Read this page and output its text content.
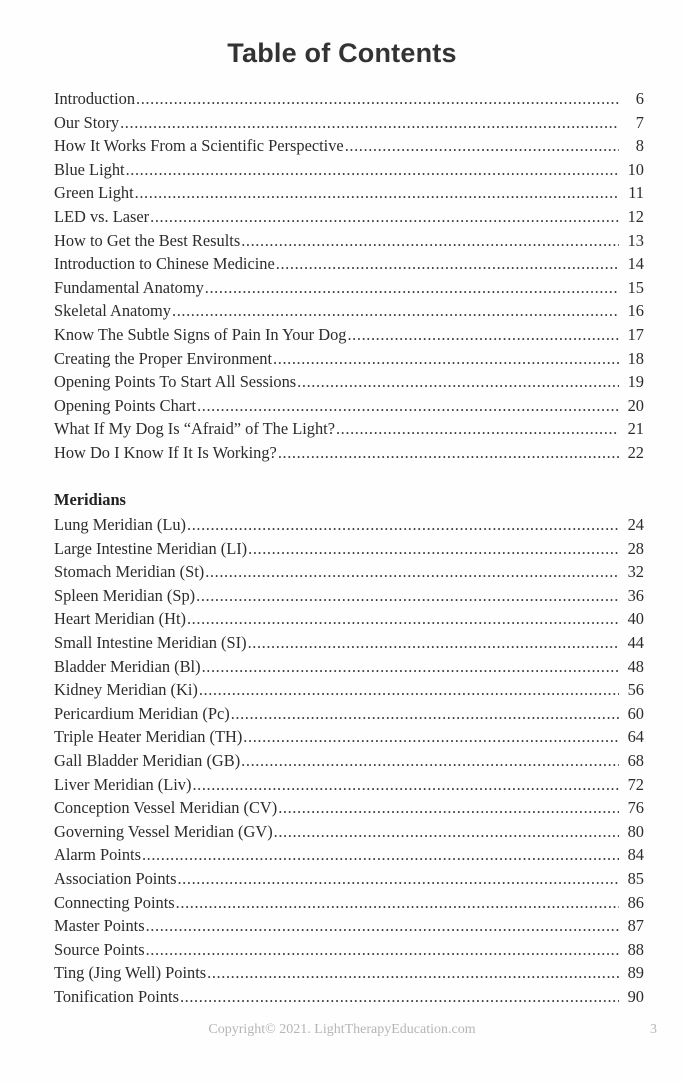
Table of Contents
Introduction .....	6
Our Story .....	7
How It Works From a Scientific Perspective .....	8
Blue Light .....	10
Green Light .....	11
LED vs. Laser .....	12
How to Get the Best Results .....	13
Introduction to Chinese Medicine .....	14
Fundamental Anatomy .....	15
Skeletal Anatomy .....	16
Know The Subtle Signs of Pain In Your Dog .....	17
Creating the Proper Environment .....	18
Opening Points To Start All Sessions .....	19
Opening Points Chart .....	20
What If My Dog Is “Afraid” of The Light? .....	21
How Do I Know If It Is Working? .....	22
Meridians
Lung Meridian (Lu) .....	24
Large Intestine Meridian (LI) .....	28
Stomach Meridian (St) .....	32
Spleen Meridian (Sp) .....	36
Heart Meridian (Ht) .....	40
Small Intestine Meridian (SI) .....	44
Bladder Meridian (Bl) .....	48
Kidney Meridian (Ki) .....	56
Pericardium Meridian (Pc) .....	60
Triple Heater Meridian (TH) .....	64
Gall Bladder Meridian (GB) .....	68
Liver Meridian (Liv) .....	72
Conception Vessel Meridian (CV) .....	76
Governing Vessel Meridian (GV) .....	80
Alarm Points .....	84
Association Points .....	85
Connecting Points .....	86
Master Points .....	87
Source Points .....	88
Ting (Jing Well) Points .....	89
Tonification Points .....	90
Copyright© 2021. LightTherapyEducation.com	3
